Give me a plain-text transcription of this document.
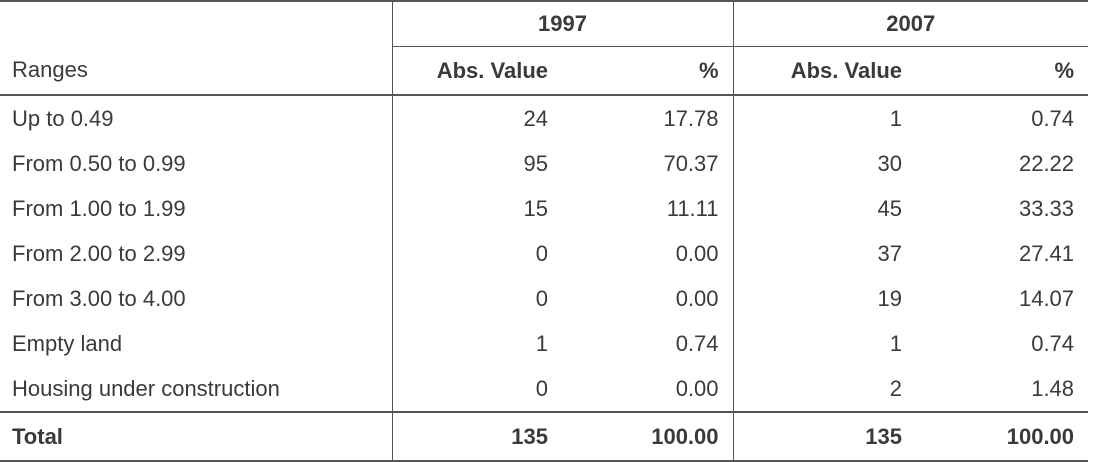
	1997		2007	
Ranges	Abs. Value	%	Abs. Value	%
Up to 0.49	24	17.78	1	0.74
From 0.50 to 0.99	95	70.37	30	22.22
From 1.00 to 1.99	15	11.11	45	33.33
From 2.00 to 2.99	0	0.00	37	27.41
From 3.00 to 4.00	0	0.00	19	14.07
Empty land	1	0.74	1	0.74
Housing under construction	0	0.00	2	1.48
Total	135	100.00	135	100.00
